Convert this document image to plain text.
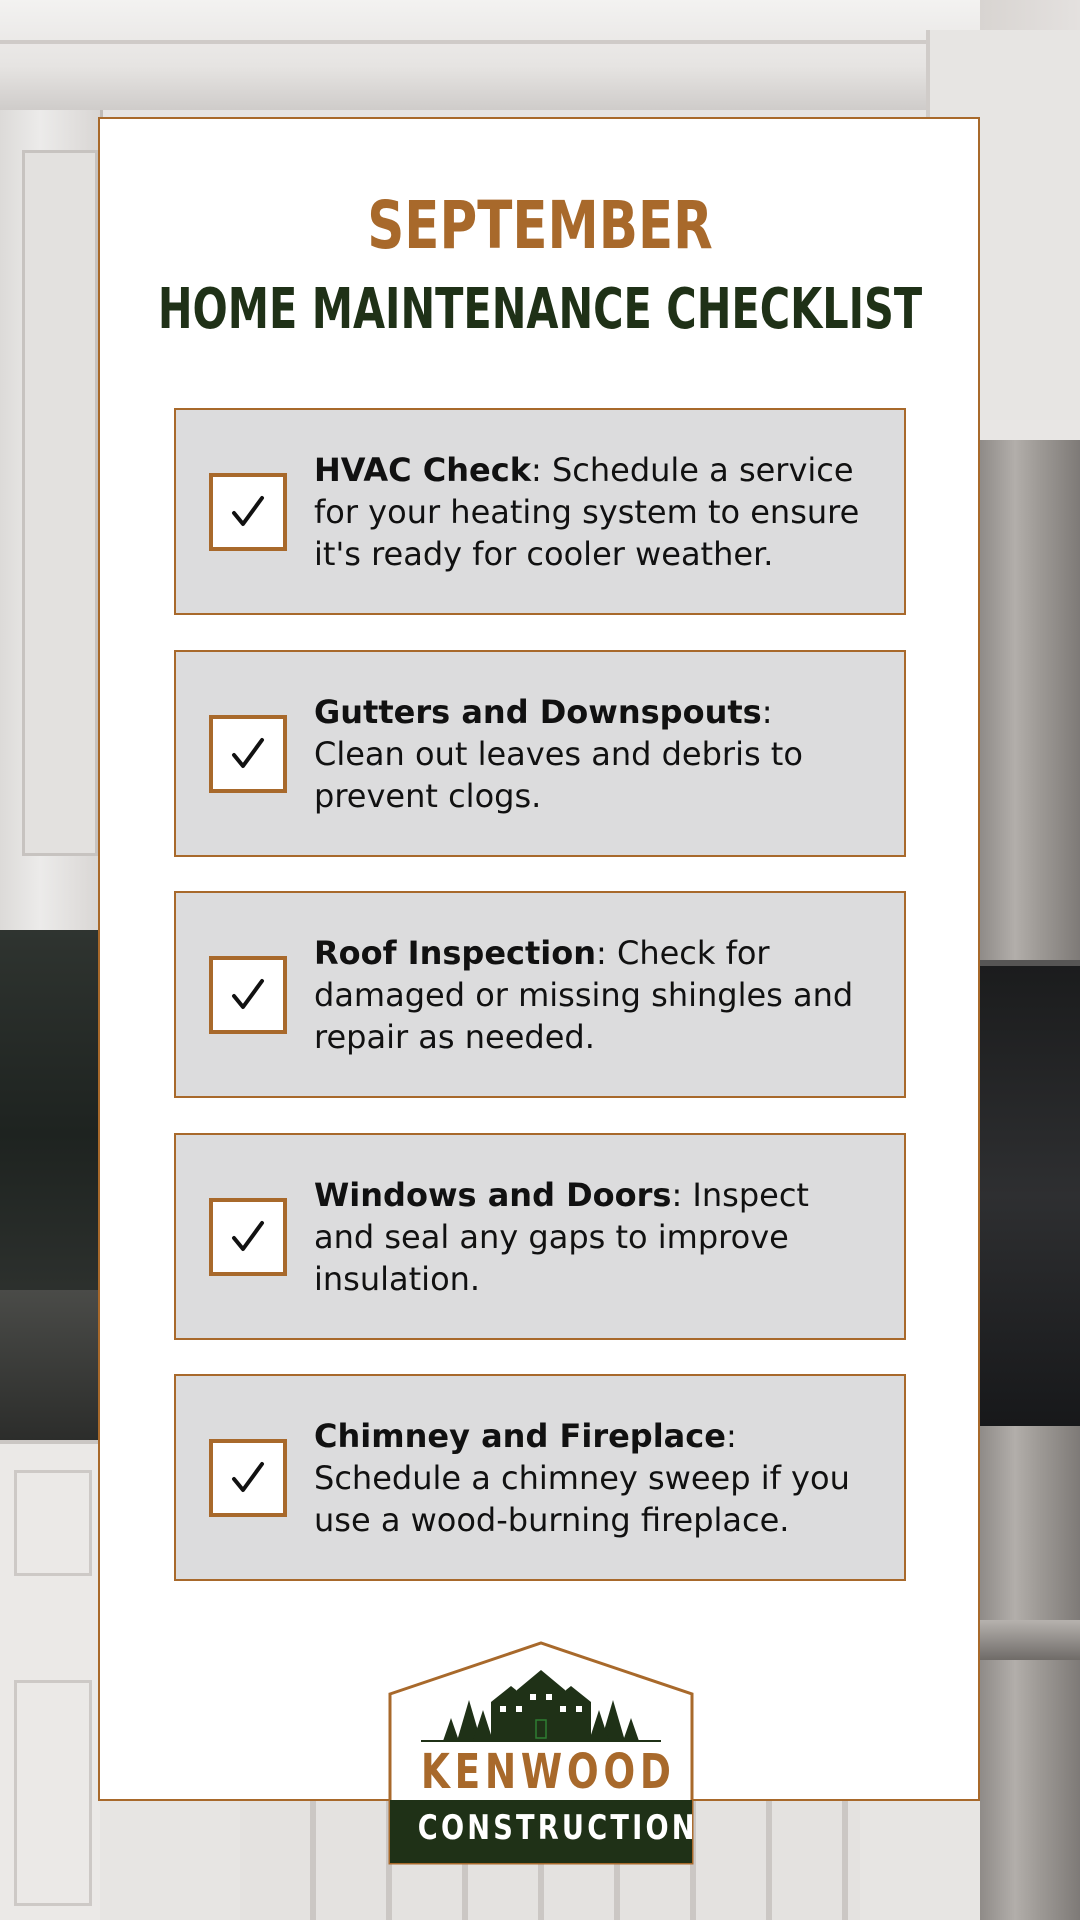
SEPTEMBER
HOME MAINTENANCE CHECKLIST

HVAC Check: Schedule a service for your heating system to ensure it's ready for cooler weather.

Gutters and Downspouts: Clean out leaves and debris to prevent clogs.

Roof Inspection: Check for damaged or missing shingles and repair as needed.

Windows and Doors: Inspect and seal any gaps to improve insulation.

Chimney and Fireplace: Schedule a chimney sweep if you use a wood-burning fireplace.

KENWOOD
CONSTRUCTION
